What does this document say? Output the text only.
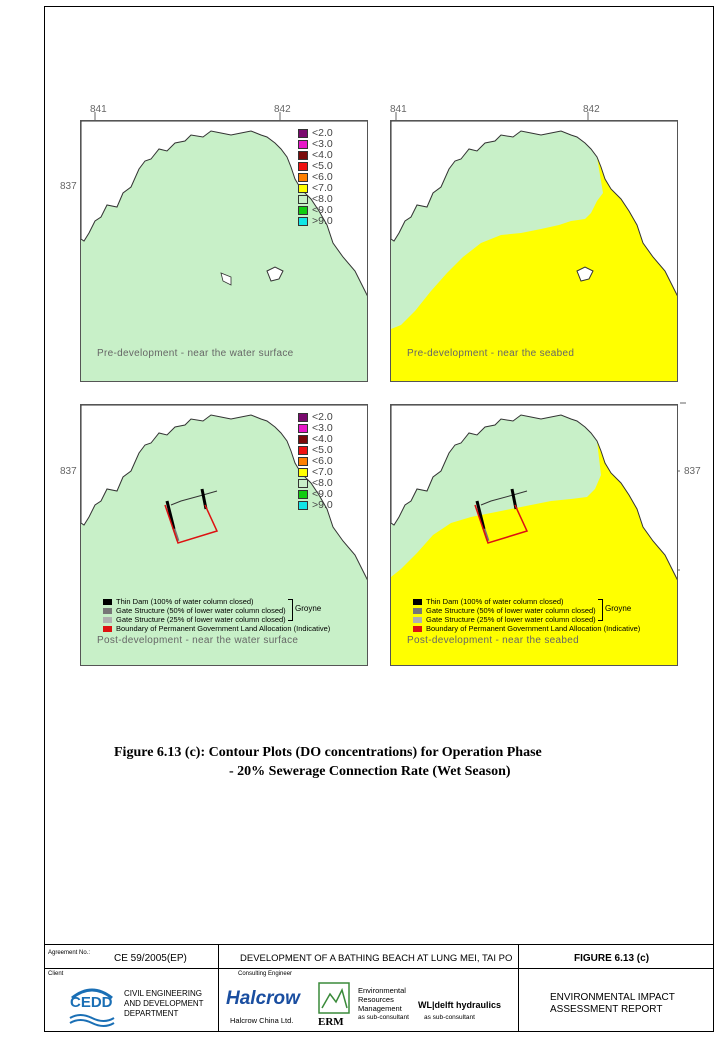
841	842	841	842
837
837	837
<2.0
<3.0
<4.0
<5.0
<6.0
<7.0
<8.0
<9.0
>9.0
Pre-development - near the water surface	Pre-development - near the seabed
<2.0
<3.0
<4.0
<5.0
<6.0
<7.0
<8.0
<9.0
>9.0
Thin Dam (100% of water column closed)
Gate Structure (50% of lower water column closed)
Gate Structure (25% of lower water column closed)
Boundary of Permanent Government Land Allocation (Indicative)
Groyne
Post-development - near the water surface
Thin Dam (100% of water column closed)
Gate Structure (50% of lower water column closed)
Gate Structure (25% of lower water column closed)
Boundary of Permanent Government Land Allocation (Indicative)
Groyne
Post-development - near the seabed
Figure 6.13 (c): Contour Plots (DO concentrations) for Operation Phase
- 20% Sewerage Connection Rate (Wet Season)
Agreement No.: CE 59/2005(EP)	DEVELOPMENT OF A BATHING BEACH AT LUNG MEI, TAI PO	FIGURE 6.13 (c)
Client
CEDD
CIVIL ENGINEERING
AND DEVELOPMENT
DEPARTMENT
Consulting Engineer
Halcrow
Halcrow China Ltd. ERM
Environmental
Resources
Management
as sub-consultant
WL|delft hydraulics
as sub-consultant
ENVIRONMENTAL IMPACT
ASSESSMENT REPORT
